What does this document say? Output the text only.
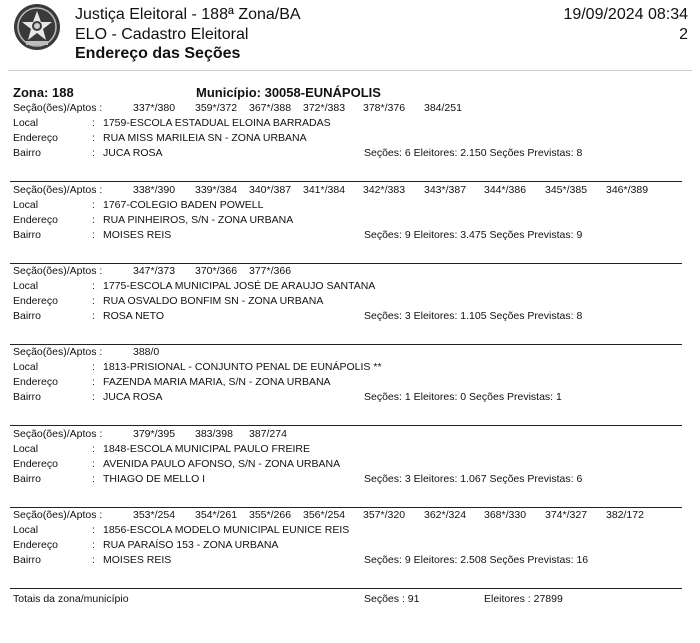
Justiça Eleitoral - 188ª Zona/BA
ELO - Cadastro Eleitoral
Endereço das Seções
19/09/2024 08:34
2
Zona: 188	Município: 30058-EUNÁPOLIS
Seção(ões)/Aptos :	337*/380 359*/372 367*/388 372*/383 378*/376 384/251
Local	: 1759-ESCOLA ESTADUAL ELOINA BARRADAS
Endereço	: RUA MISS MARILEIA SN - ZONA URBANA
Bairro	: JUCA ROSA	Seções: 6 Eleitores: 2.150 Seções Previstas: 8
Seção(ões)/Aptos :	338*/390 339*/384 340*/387 341*/384 342*/383 343*/387 344*/386 345*/385 346*/389
Local	: 1767-COLEGIO BADEN POWELL
Endereço	: RUA PINHEIROS, S/N - ZONA URBANA
Bairro	: MOISES REIS	Seções: 9 Eleitores: 3.475 Seções Previstas: 9
Seção(ões)/Aptos :	347*/373 370*/366 377*/366
Local	: 1775-ESCOLA MUNICIPAL JOSÉ DE ARAUJO SANTANA
Endereço	: RUA OSVALDO BONFIM SN - ZONA URBANA
Bairro	: ROSA NETO	Seções: 3 Eleitores: 1.105 Seções Previstas: 8
Seção(ões)/Aptos :	388/0
Local	: 1813-PRISIONAL - CONJUNTO PENAL DE EUNÁPOLIS **
Endereço	: FAZENDA MARIA MARIA, S/N - ZONA URBANA
Bairro	: JUCA ROSA	Seções: 1 Eleitores: 0 Seções Previstas: 1
Seção(ões)/Aptos :	379*/395 383/398 387/274
Local	: 1848-ESCOLA MUNICIPAL PAULO FREIRE
Endereço	: AVENIDA PAULO AFONSO, S/N - ZONA URBANA
Bairro	: THIAGO DE MELLO I	Seções: 3 Eleitores: 1.067 Seções Previstas: 6
Seção(ões)/Aptos :	353*/254 354*/261 355*/266 356*/254 357*/320 362*/324 368*/330 374*/327 382/172
Local	: 1856-ESCOLA MODELO MUNICIPAL EUNICE REIS
Endereço	: RUA PARAÍSO 153 - ZONA URBANA
Bairro	: MOISES REIS	Seções: 9 Eleitores: 2.508 Seções Previstas: 16
Totais da zona/município	Seções : 91	Eleitores : 27899
